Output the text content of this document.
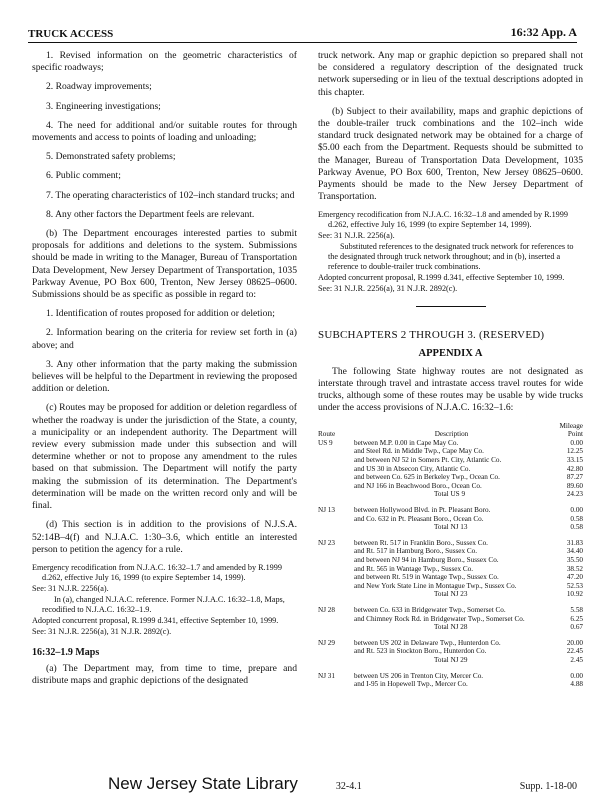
TRUCK ACCESS	16:32 App. A

1. Revised information on the geometric characteristics of specific roadways;

2. Roadway improvements;

3. Engineering investigations;

4. The need for additional and/or suitable routes for through movements and access to points of loading and unloading;

5. Demonstrated safety problems;

6. Public comment;

7. The operating characteristics of 102–inch standard trucks; and

8. Any other factors the Department feels are relevant.

(b) The Department encourages interested parties to submit proposals for additions and deletions to the system. Submissions should be made in writing to the Manager, Bureau of Transportation Data Development, New Jersey Department of Transportation, 1035 Parkway Avenue, PO Box 600, Trenton, New Jersey 08625–0600. Submissions should be as specific as possible in regard to:

1. Identification of routes proposed for addition or deletion;

2. Information bearing on the criteria for review set forth in (a) above; and

3. Any other information that the party making the submission believes will be helpful to the Department in reviewing the proposed addition or deletion.

(c) Routes may be proposed for addition or deletion regardless of whether the roadway is under the jurisdiction of the State, a county, a municipality or an independent authority. The Department will review every submission made under this subsection and will determine whether or not to propose any amendment to the rules based on that submission. The Department will notify the party making the submission of its determination. The Department's determination will be made on the written record only and will be final.

(d) This section is in addition to the provisions of N.J.S.A. 52:14B–4(f) and N.J.A.C. 1:30–3.6, which entitle an interested person to petition the agency for a rule.

Emergency recodification from N.J.A.C. 16:32–1.7 and amended by R.1999 d.262, effective July 16, 1999 (to expire September 14, 1999).
See: 31 N.J.R. 2256(a).
In (a), changed N.J.A.C. reference. Former N.J.A.C. 16:32–1.8, Maps, recodified to N.J.A.C. 16:32–1.9.
Adopted concurrent proposal, R.1999 d.341, effective September 10, 1999.
See: 31 N.J.R. 2256(a), 31 N.J.R. 2892(c).
16:32–1.9 Maps

(a) The Department may, from time to time, prepare and distribute maps and graphic depictions of the designated

truck network. Any map or graphic depiction so prepared shall not be considered a regulatory description of the designated truck network superseding or in lieu of the textual descriptions adopted in this chapter.

(b) Subject to their availability, maps and graphic depictions of the double-trailer truck combinations and the 102–inch wide standard truck designated network may be obtained for a charge of $5.00 each from the Department. Requests should be submitted to the Manager, Bureau of Transportation Data Development, 1035 Parkway Avenue, PO Box 600, Trenton, New Jersey 08625–0600. Payments should be made to the New Jersey Department of Transportation.

Emergency recodification from N.J.A.C. 16:32–1.8 and amended by R.1999 d.262, effective July 16, 1999 (to expire September 14, 1999).
See: 31 N.J.R. 2256(a).
Substituted references to the designated truck network for references to the designated through truck network throughout; and in (b), inserted a reference to double-trailer truck combinations.
Adopted concurrent proposal, R.1999 d.341, effective September 10, 1999.
See: 31 N.J.R. 2256(a), 31 N.J.R. 2892(c).
SUBCHAPTERS 2 THROUGH 3. (RESERVED)
APPENDIX A

The following State highway routes are not designated as interstate through travel and intrastate access travel routes for wide trucks, although some of these routes may be usable by wide trucks under the access provisions of N.J.A.C. 16:32–1.6:

		Mileage
Route	Description	Point
US 9	between M.P. 0.00 in Cape May Co.	0.00
	and Steel Rd. in Middle Twp., Cape May Co.	12.25
	and between NJ 52 in Somers Pt. City, Atlantic Co.	33.15
	and US 30 in Absecon City, Atlantic Co.	42.80
	and between Co. 625 in Berkeley Twp., Ocean Co.	87.27
	and NJ 166 in Beachwood Boro., Ocean Co.	89.60
	Total US 9	24.23

NJ 13	between Hollywood Blvd. in Pt. Pleasant Boro.	0.00
	and Co. 632 in Pt. Pleasant Boro., Ocean Co.	0.58
	Total NJ 13	0.58

NJ 23	between Rt. 517 in Franklin Boro., Sussex Co.	31.83
	and Rt. 517 in Hamburg Boro., Sussex Co.	34.40
	and between NJ 94 in Hamburg Boro., Sussex Co.	35.50
	and Rt. 565 in Wantage Twp., Sussex Co.	38.52
	and between Rt. 519 in Wantage Twp., Sussex Co.	47.20
	and New York State Line in Montague Twp., Sussex Co.	52.53
	Total NJ 23	10.92

NJ 28	between Co. 633 in Bridgewater Twp., Somerset Co.	5.58
	and Chimney Rock Rd. in Bridgewater Twp., Somerset Co.	6.25
	Total NJ 28	0.67

NJ 29	between US 202 in Delaware Twp., Hunterdon Co.	20.00
	and Rt. 523 in Stockton Boro., Hunterdon Co.	22.45
	Total NJ 29	2.45

NJ 31	between US 206 in Trenton City, Mercer Co.	0.00
	and I-95 in Hopewell Twp., Mercer Co.	4.88
New Jersey State Library	32-4.1	Supp. 1-18-00
